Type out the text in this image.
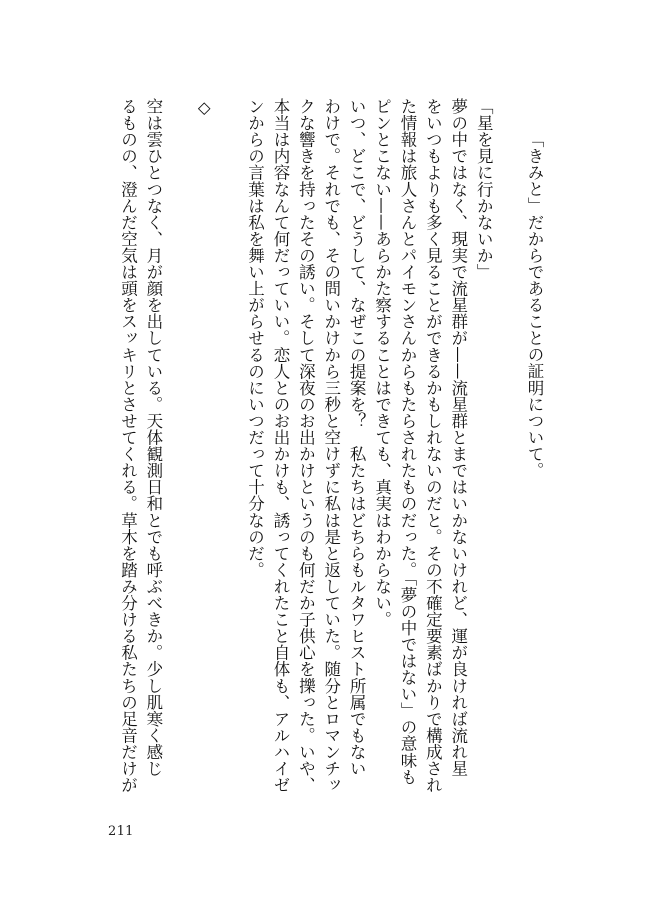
「きみと」だからであることの証明について。

「星を見に行かないか」

夢の中ではなく、現実で流星群が——流星群とまではいかないけれど、運が良ければ流れ星

をいつもよりも多く見ることができるかもしれないのだと。その不確定要素ばかりで構成され

た情報は旅人さんとパイモンさんからもたらされたものだった。「夢の中ではない」の意味も

ピンとこない——あらかた察することはできても、真実はわからない。

いつ、どこで、どうして、なぜこの提案を？　私たちはどちらもルタワヒスト所属でもない

わけで。それでも、その問いかけから三秒と空けずに私は是と返していた。随分とロマンチッ

クな響きを持ったその誘い。そして深夜のお出かけというのも何だか子供心を擽った。いや、

本当は内容なんて何だっていい。恋人とのお出かけも、誘ってくれたこと自体も、アルハイゼ

ンからの言葉は私を舞い上がらせるのにいつだって十分なのだ。

◇

空は雲ひとつなく、月が顔を出している。天体観測日和とでも呼ぶべきか。少し肌寒く感じ

るものの、澄んだ空気は頭をスッキリとさせてくれる。草木を踏み分ける私たちの足音だけが

211
